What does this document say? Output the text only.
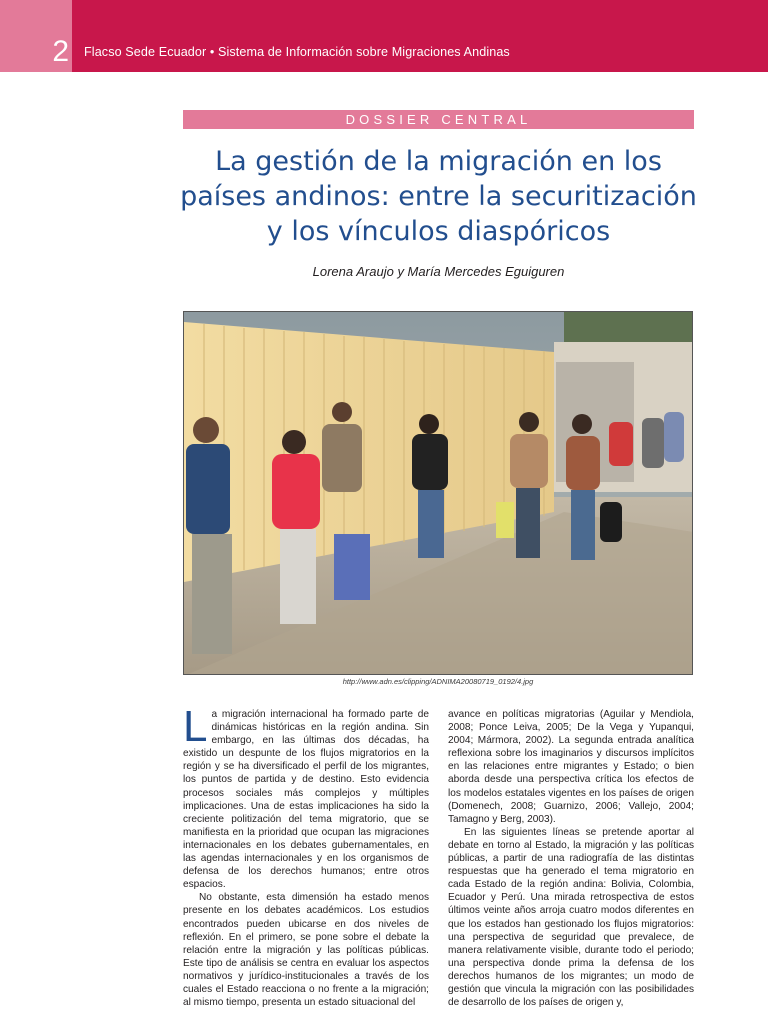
2 Flacso Sede Ecuador • Sistema de Información sobre Migraciones Andinas
DOSSIER CENTRAL
La gestión de la migración en los
países andinos: entre la securitización
y los vínculos diaspóricos
Lorena Araujo y María Mercedes Eguiguren
http://www.adn.es/clipping/ADNIMA20080719_0192/4.jpg

La migración internacional ha formado parte de dinámicas históricas en la región andina. Sin embargo, en las últimas dos décadas, ha existido un despunte de los flujos migratorios en la región y se ha diversificado el perfil de los migrantes, los puntos de partida y de destino. Esto evidencia procesos sociales más complejos y múltiples implicaciones. Una de estas implicaciones ha sido la creciente politización del tema migratorio, que se manifiesta en la prioridad que ocupan las migraciones internacionales en los debates gubernamentales, en las agendas internacionales y en los organismos de defensa de los derechos humanos; entre otros espacios.

No obstante, esta dimensión ha estado menos presente en los debates académicos. Los estudios encontrados pueden ubicarse en dos niveles de reflexión. En el primero, se pone sobre el debate la relación entre la migración y las políticas públicas. Este tipo de análisis se centra en evaluar los aspectos normativos y jurídico-institucionales a través de los cuales el Estado reacciona o no frente a la migración; al mismo tiempo, presenta un estado situacional del

avance en políticas migratorias (Aguilar y Mendiola, 2008; Ponce Leiva, 2005; De la Vega y Yupanqui, 2004; Mármora, 2002). La segunda entrada analítica reflexiona sobre los imaginarios y discursos implícitos en las relaciones entre migrantes y Estado; o bien aborda desde una perspectiva crítica los efectos de los modelos estatales vigentes en los países de origen (Domenech, 2008; Guarnizo, 2006; Vallejo, 2004; Tamagno y Berg, 2003).

En las siguientes líneas se pretende aportar al debate en torno al Estado, la migración y las políticas públicas, a partir de una radiografía de las distintas respuestas que ha generado el tema migratorio en cada Estado de la región andina: Bolivia, Colombia, Ecuador y Perú. Una mirada retrospectiva de estos últimos veinte años arroja cuatro modos diferentes en que los estados han gestionado los flujos migratorios: una perspectiva de seguridad que prevalece, de manera relativamente visible, durante todo el periodo; una perspectiva donde prima la defensa de los derechos humanos de los migrantes; un modo de gestión que vincula la migración con las posibilidades de desarrollo de los países de origen y,
